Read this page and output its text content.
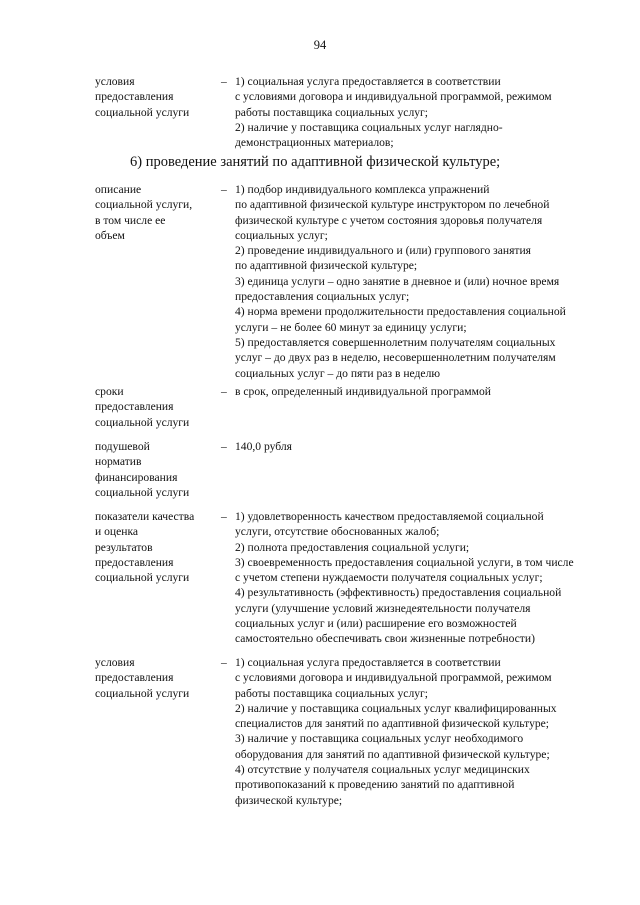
94
условия
предоставления
социальной услуги
– 1) социальная услуга предоставляется в соответствии
с условиями договора и индивидуальной программой, режимом
работы поставщика социальных услуг;

2) наличие у поставщика социальных услуг наглядно-
демонстрационных материалов;

6) проведение занятий по адаптивной физической культуре;
описание
социальной услуги,
в том числе ее
объем
– 1) подбор индивидуального комплекса упражнений
по адаптивной физической культуре инструктором по лечебной
физической культуре с учетом состояния здоровья получателя
социальных услуг;

2) проведение индивидуального и (или) группового занятия
по адаптивной физической культуре;

3) единица услуги – одно занятие в дневное и (или) ночное время
предоставления социальных услуг;

4) норма времени продолжительности предоставления социальной
услуги – не более 60 минут за единицу услуги;

5) предоставляется совершеннолетним получателям социальных
услуг – до двух раз в неделю, несовершеннолетним получателям
социальных услуг – до пяти раз в неделю

сроки
предоставления
социальной услуги
– в срок, определенный индивидуальной программой

подушевой
норматив
финансирования
социальной услуги
– 140,0 рубля

показатели качества
и оценка
результатов
предоставления
социальной услуги
– 1) удовлетворенность качеством предоставляемой социальной
услуги, отсутствие обоснованных жалоб;

2) полнота предоставления социальной услуги;

3) своевременность предоставления социальной услуги, в том числе
с учетом степени нуждаемости получателя социальных услуг;

4) результативность (эффективность) предоставления социальной
услуги (улучшение условий жизнедеятельности получателя
социальных услуг и (или) расширение его возможностей
самостоятельно обеспечивать свои жизненные потребности)

условия
предоставления
социальной услуги
– 1) социальная услуга предоставляется в соответствии
с условиями договора и индивидуальной программой, режимом
работы поставщика социальных услуг;

2) наличие у поставщика социальных услуг квалифицированных
специалистов для занятий по адаптивной физической культуре;

3) наличие у поставщика социальных услуг необходимого
оборудования для занятий по адаптивной физической культуре;

4) отсутствие у получателя социальных услуг медицинских
противопоказаний к проведению занятий по адаптивной
физической культуре;
